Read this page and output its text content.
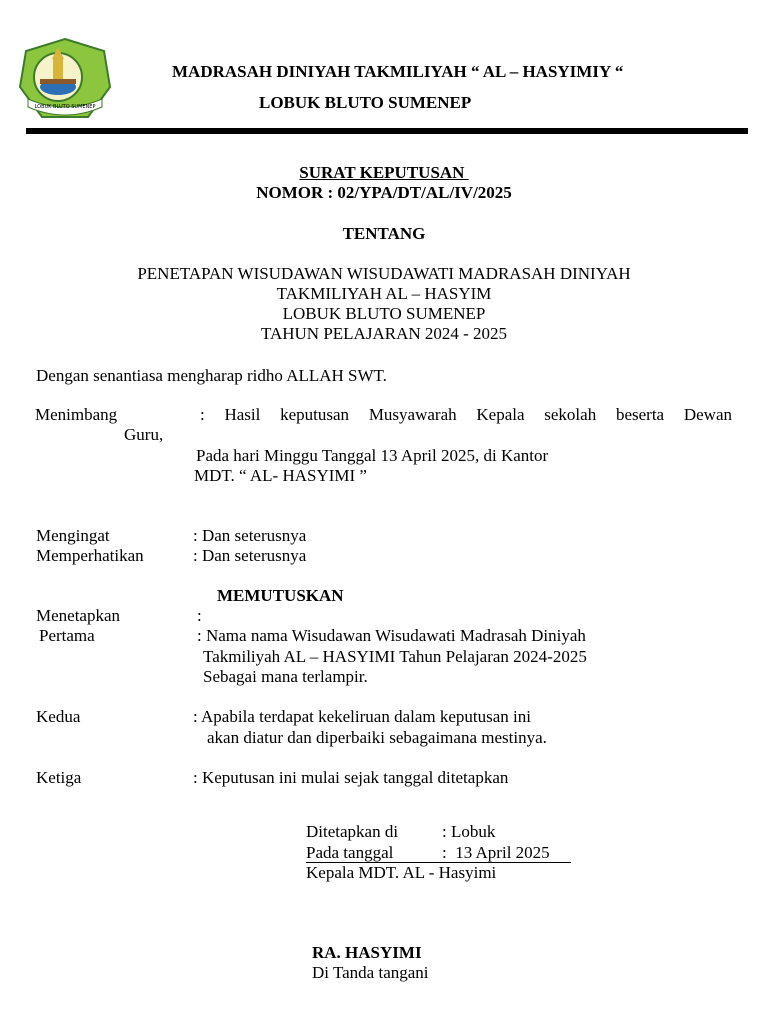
LOBUK BLUTO SUMENEP
MADRASAH DINIYAH TAKMILIYAH “ AL – HASYIMIY “
LOBUK BLUTO SUMENEP
SURAT KEPUTUSAN
NOMOR : 02/YPA/DT/AL/IV/2025
TENTANG
PENETAPAN WISUDAWAN WISUDAWATI MADRASAH DINIYAH
TAKMILIYAH AL – HASYIM
LOBUK BLUTO SUMENEP
TAHUN PELAJARAN 2024 - 2025
Dengan senantiasa mengharap ridho ALLAH SWT.
Menimbang	: Hasil keputusan Musyawarah Kepala sekolah beserta Dewan
Guru,
Pada hari Minggu Tanggal 13 April 2025, di Kantor
MDT. “ AL- HASYIMI ”
Mengingat	: Dan seterusnya
Memperhatikan	: Dan seterusnya
MEMUTUSKAN
Menetapkan	:
Pertama	: Nama nama Wisudawan Wisudawati Madrasah Diniyah
Takmiliyah AL – HASYIMI Tahun Pelajaran 2024-2025
Sebagai mana terlampir.
Kedua	: Apabila terdapat kekeliruan dalam keputusan ini
akan diatur dan diperbaiki sebagaimana mestinya.
Ketiga	: Keputusan ini mulai sejak tanggal ditetapkan
Ditetapkan di	: Lobuk
Pada tanggal	:  13 April 2025
Kepala MDT. AL - Hasyimi
RA. HASYIMI
Di Tanda tangani
